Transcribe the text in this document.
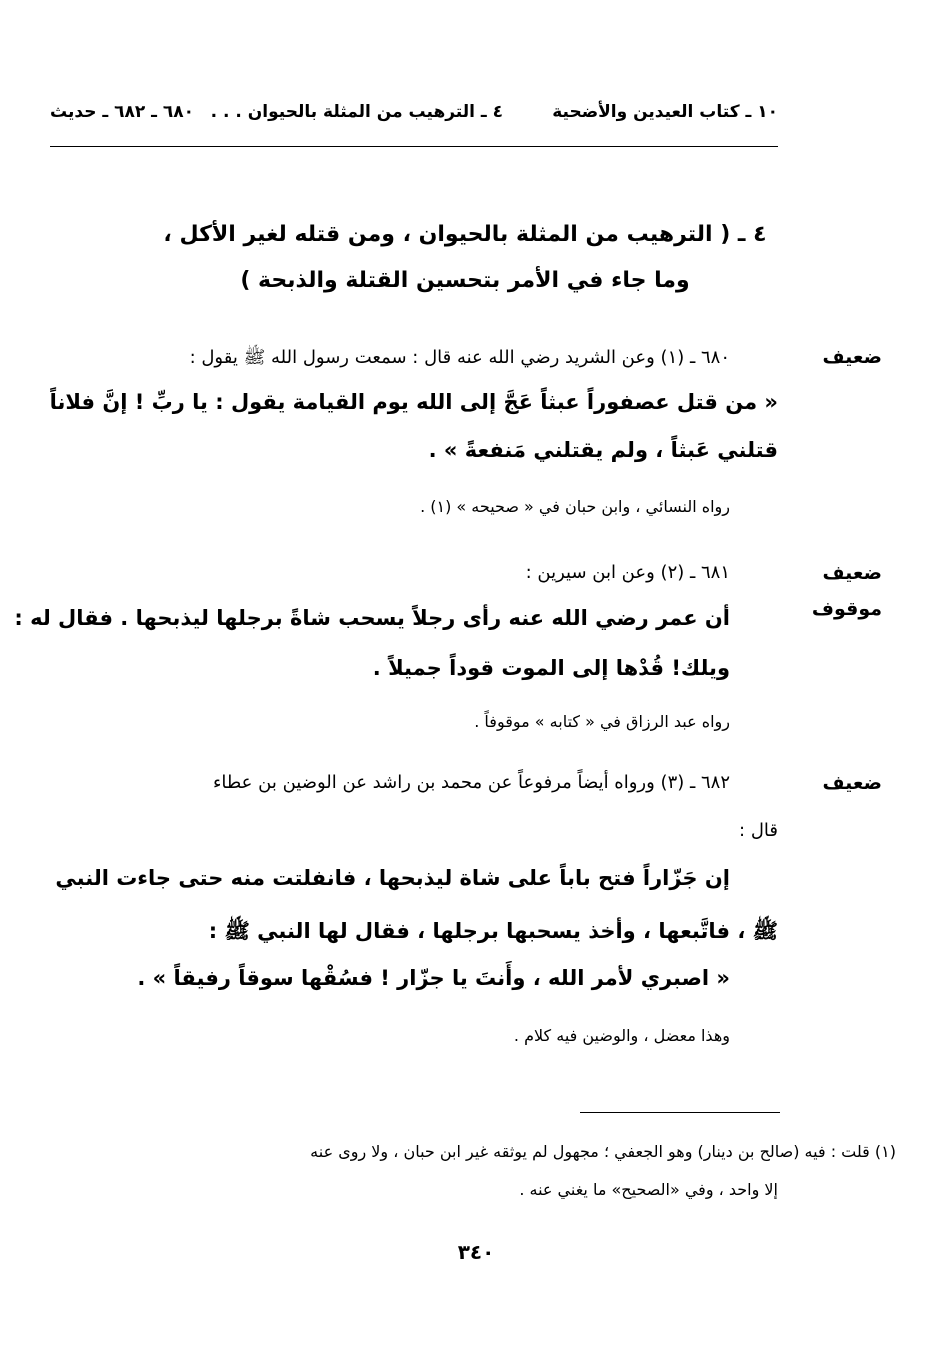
١٠ ـ كتاب العيدين والأضحية
٤ ـ الترهيب من المثلة بالحيوان . . .
٦٨٠ ـ ٦٨٢ ـ حديث
٤ ـ ( الترهيب من المثلة بالحيوان ، ومن قتله لغير الأكل ،
وما جاء في الأمر بتحسين القتلة والذبحة )
ضعيف
٦٨٠ ـ (١) وعن الشريد رضي الله عنه قال : سمعت رسول الله ﷺ يقول :
« من قتل عصفوراً عبثاً عَجَّ إلى الله يوم القيامة يقول : يا ربِّ ! إنَّ فلاناً
قتلني عَبثاً ، ولم يقتلني مَنفعةً » .
رواه النسائي ، وابن حبان في « صحيحه » (١) .
ضعيف
موقوف
٦٨١ ـ (٢) وعن ابن سيرين :
أن عمر رضي الله عنه رأى رجلاً يسحب شاةً برجلها ليذبحها . فقال له :
ويلك! قُدْها إلى الموت قوداً جميلاً .
رواه عبد الرزاق في « كتابه » موقوفاً .
ضعيف
٦٨٢ ـ (٣) ورواه أيضاً مرفوعاً عن محمد بن راشد عن الوضين بن عطاء
قال :
إن جَزّاراً فتح باباً على شاة ليذبحها ، فانفلتت منه حتى جاءت النبي
ﷺ ، فاتَّبعها ، وأخذ يسحبها برجلها ، فقال لها النبي ﷺ :
« اصبري لأمر الله ، وأَنتَ يا جزّار ! فسُقْها سوقاً رفيقاً » .
وهذا معضل ، والوضين فيه كلام .
(١) قلت : فيه (صالح بن دينار) وهو الجعفي ؛ مجهول لم يوثقه غير ابن حبان ، ولا روى عنه
إلا واحد ، وفي «الصحيح» ما يغني عنه .
٣٤٠
